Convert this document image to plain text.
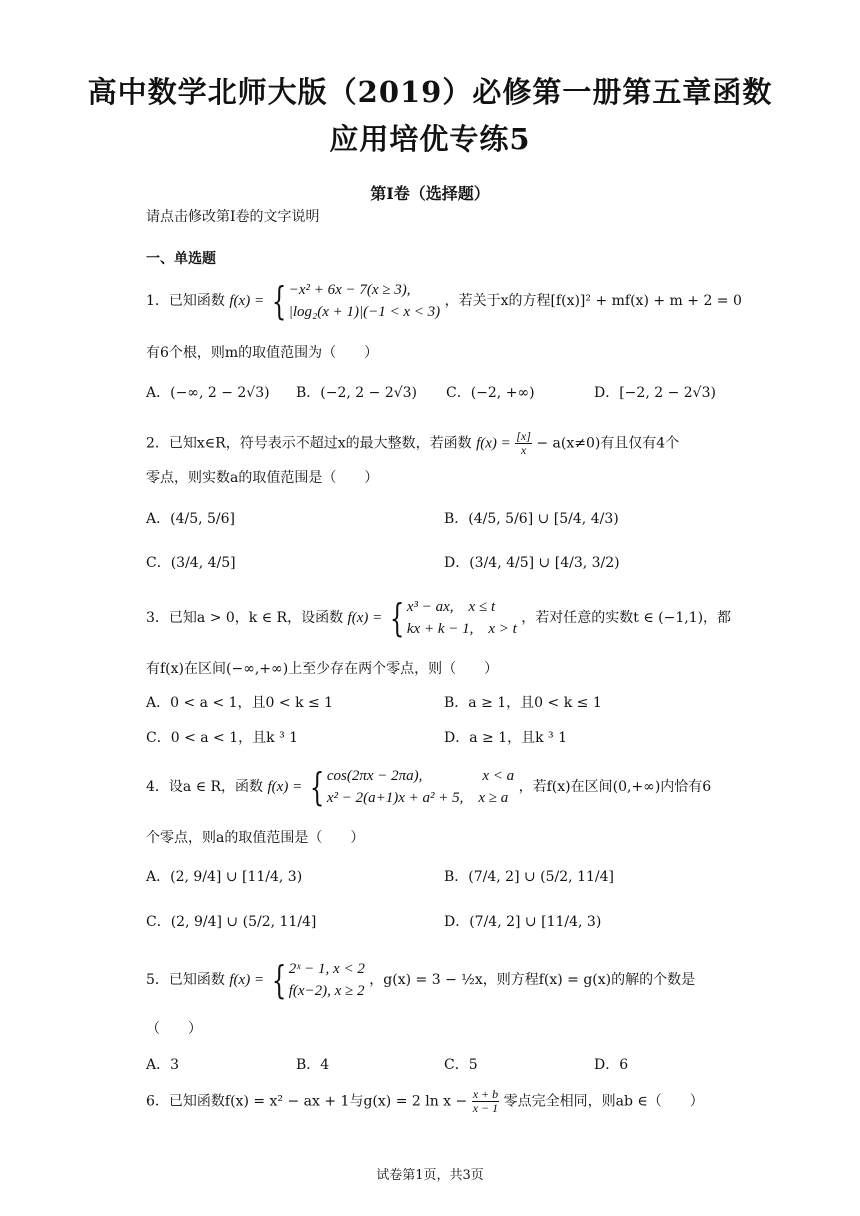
高中数学北师大版（2019）必修第一册第五章函数
应用培优专练5
第I卷（选择题）
请点击修改第I卷的文字说明
一、单选题
1．已知函数 f(x) = { −x² + 6x − 7(x ≥ 3),
|log₂(x + 1)|(−1 < x < 3)
，若关于x的方程[f(x)]² + mf(x) + m + 2 = 0
有6个根，则m的取值范围为（　　）
A．(−∞, 2 − 2√3) B．(−2, 2 − 2√3) C．(−2, +∞)	D．[−2, 2 − 2√3)
2．已知x∈R，符号表示不超过x的最大整数，若函数 $f(x) = \frac{[x]}{x} - a(x\ne 0)$有且仅有4个
零点，则实数a的取值范围是（　　）
A．(4/5, 5/6]	B．(4/5, 5/6] ∪ [5/4, 4/3)
C．(3/4, 4/5]	D．(3/4, 4/5] ∪ [4/3, 3/2)
3．已知a > 0，k ∈ R，设函数 f(x) = { x³ − ax,　x ≤ t
kx + k − 1,　x > t
，若对任意的实数t ∈ (−1,1)，都
有f(x)在区间(−∞,+∞)上至少存在两个零点，则（　　）
A．0 < a < 1，且0 < k ≤ 1	B．a ≥ 1，且0 < k ≤ 1
C．0 < a < 1，且k ³ 1	D．a ≥ 1，且k ³ 1
4．设a ∈ R，函数 f(x) = { cos(2πx − 2πa),　　　　x < a
x² − 2(a+1)x + a² + 5,　x ≥ a
，若f(x)在区间(0,+∞)内恰有6
个零点，则a的取值范围是（　　）
A．(2, 9/4] ∪ [11/4, 3)	B．(7/4, 2] ∪ (5/2, 11/4]
C．(2, 9/4] ∪ (5/2, 11/4]	D．(7/4, 2] ∪ [11/4, 3)
5．已知函数 f(x) = { 2ˣ − 1, x < 2
f(x−2), x ≥ 2
，g(x) = 3 − ½x，则方程f(x) = g(x)的解的个数是
（　　）
A．3	B．4	C．5	D．6
6．已知函数f(x) = x² − ax + 1与g(x) = 2 $\ln x - \frac{x + b}{x - 1}$ 零点完全相同，则ab ∈（　　）
试卷第1页，共3页
